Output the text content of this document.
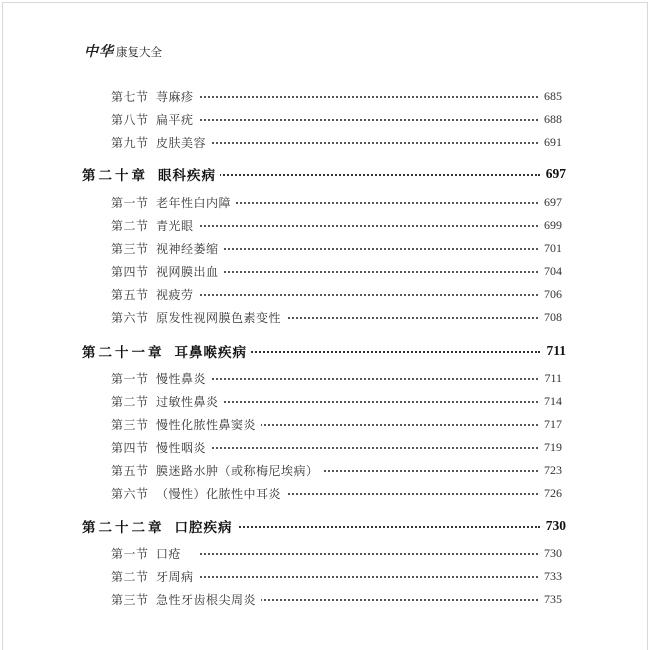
中华 康复大全
第七节 荨麻疹	685
第八节 扁平疣	688
第九节 皮肤美容	691
第二十章 眼科疾病	697
第一节 老年性白内障	697
第二节 青光眼	699
第三节 视神经萎缩	701
第四节 视网膜出血	704
第五节 视疲劳	706
第六节 原发性视网膜色素变性	708
第二十一章 耳鼻喉疾病	711
第一节 慢性鼻炎	711
第二节 过敏性鼻炎	714
第三节 慢性化脓性鼻窦炎	717
第四节 慢性咽炎	719
第五节 膜迷路水肿（或称梅尼埃病）	723
第六节 （慢性）化脓性中耳炎	726
第二十二章 口腔疾病	730
第一节 口疮	730
第二节 牙周病	733
第三节 急性牙齿根尖周炎	735
